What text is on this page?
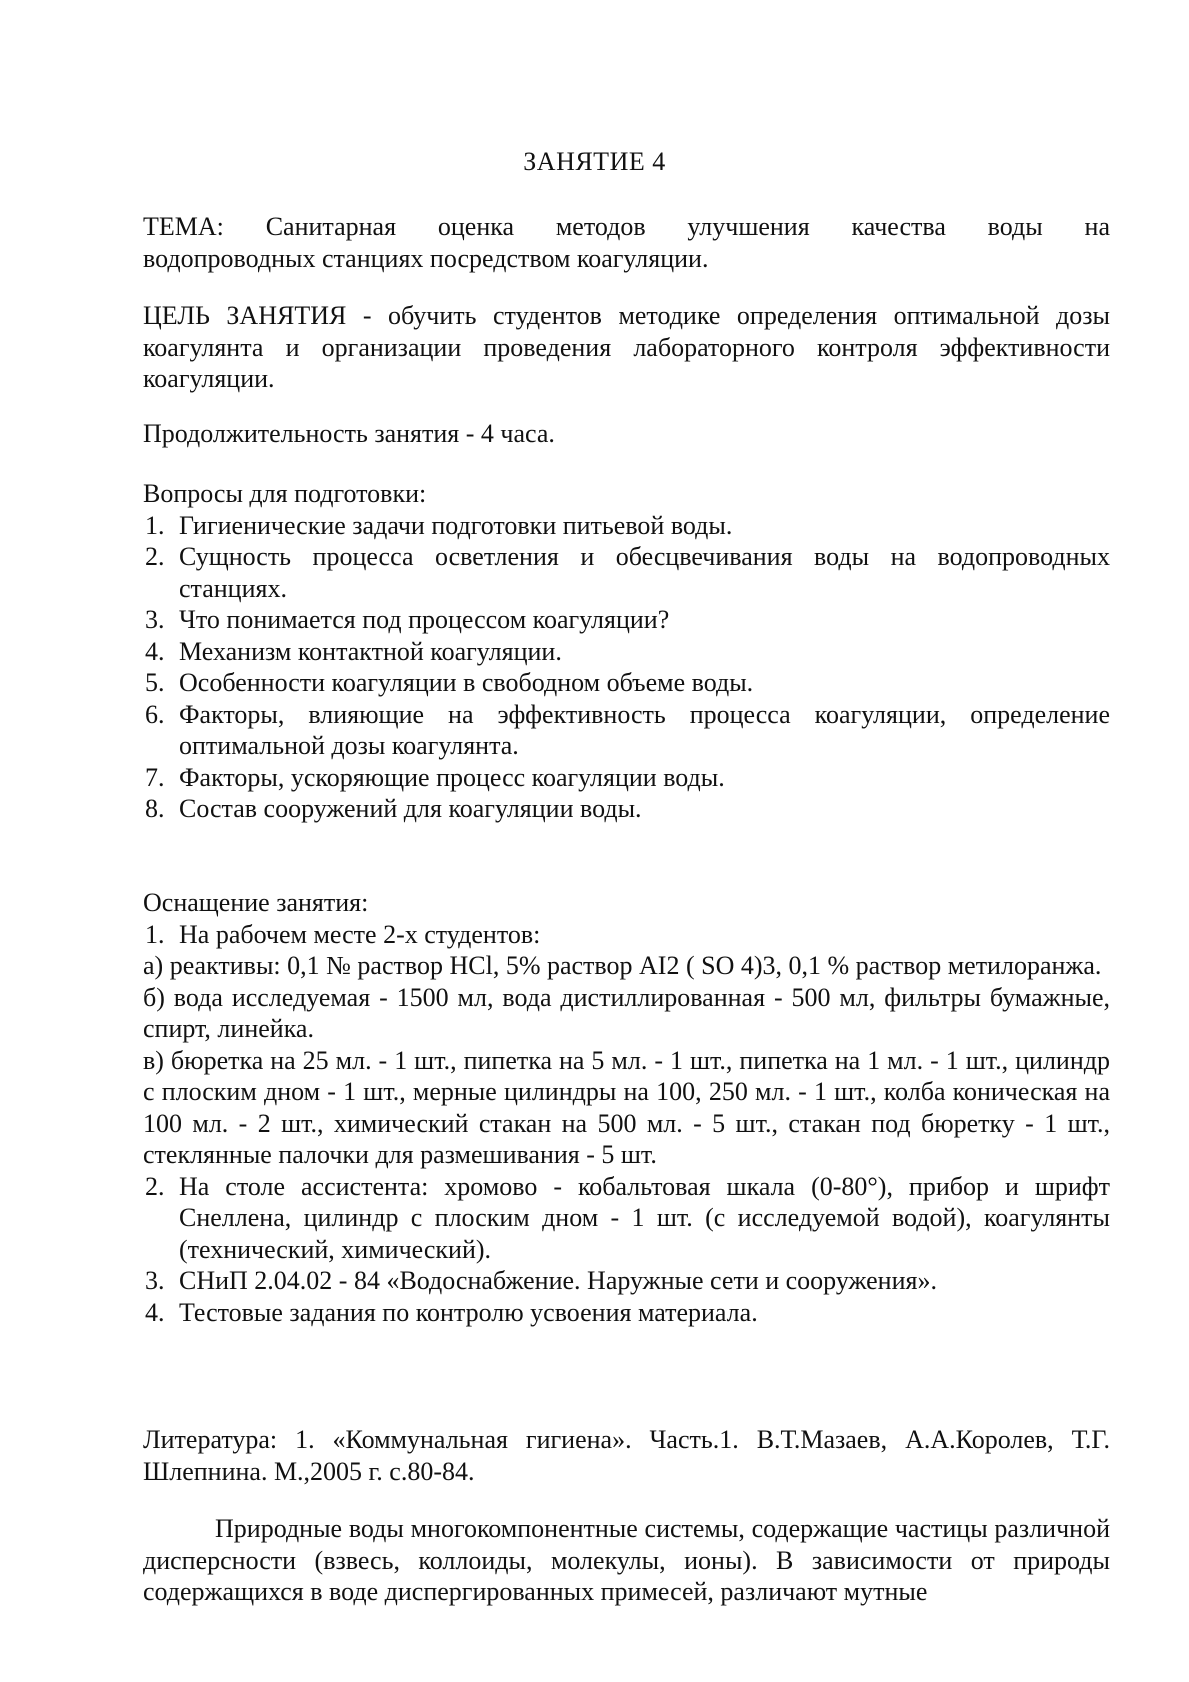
ЗАНЯТИЕ 4
ТЕМА: Санитарная оценка методов улучшения качества воды на
водопроводных станциях посредством коагуляции.
ЦЕЛЬ ЗАНЯТИЯ - обучить студентов методике определения оптимальной дозы коагулянта и организации проведения лабораторного контроля эффективности коагуляции.
Продолжительность занятия - 4 часа.
Вопросы для подготовки:
1. Гигиенические задачи подготовки питьевой воды.
2. Сущность процесса осветления и обесцвечивания воды на водопроводных станциях.
3. Что понимается под процессом коагуляции?
4. Механизм контактной коагуляции.
5. Особенности коагуляции в свободном объеме воды.
6. Факторы, влияющие на эффективность процесса коагуляции, определение оптимальной дозы коагулянта.
7. Факторы, ускоряющие процесс коагуляции воды.
8. Состав сооружений для коагуляции воды.
Оснащение занятия:
1. На рабочем месте 2-х студентов:
а) реактивы: 0,1 № раствор HCl, 5% раствор AI2 ( SO 4)3, 0,1 % раствор метилоранжа.
б) вода исследуемая - 1500 мл, вода дистиллированная - 500 мл, фильтры бумажные, спирт, линейка.
в) бюретка на 25 мл. - 1 шт., пипетка на 5 мл. - 1 шт., пипетка на 1 мл. - 1 шт., цилиндр с плоским дном - 1 шт., мерные цилиндры на 100, 250 мл. - 1 шт., колба коническая на 100 мл. - 2 шт., химический стакан на 500 мл. - 5 шт., стакан под бюретку - 1 шт., стеклянные палочки для размешивания - 5 шт.
2. На столе ассистента: хромово - кобальтовая шкала (0-80°), прибор и шрифт Снеллена, цилиндр с плоским дном - 1 шт. (с исследуемой водой), коагулянты (технический, химический).
3. СНиП 2.04.02 - 84 «Водоснабжение. Наружные сети и сооружения».
4. Тестовые задания по контролю усвоения материала.
Литература: 1. «Коммунальная гигиена». Часть.1. В.Т.Мазаев, А.А.Королев, Т.Г. Шлепнина. М.,2005 г. с.80-84.
Природные воды многокомпонентные системы, содержащие частицы различной дисперсности (взвесь, коллоиды, молекулы, ионы). В зависимости от природы содержащихся в воде диспергированных примесей, различают мутные
